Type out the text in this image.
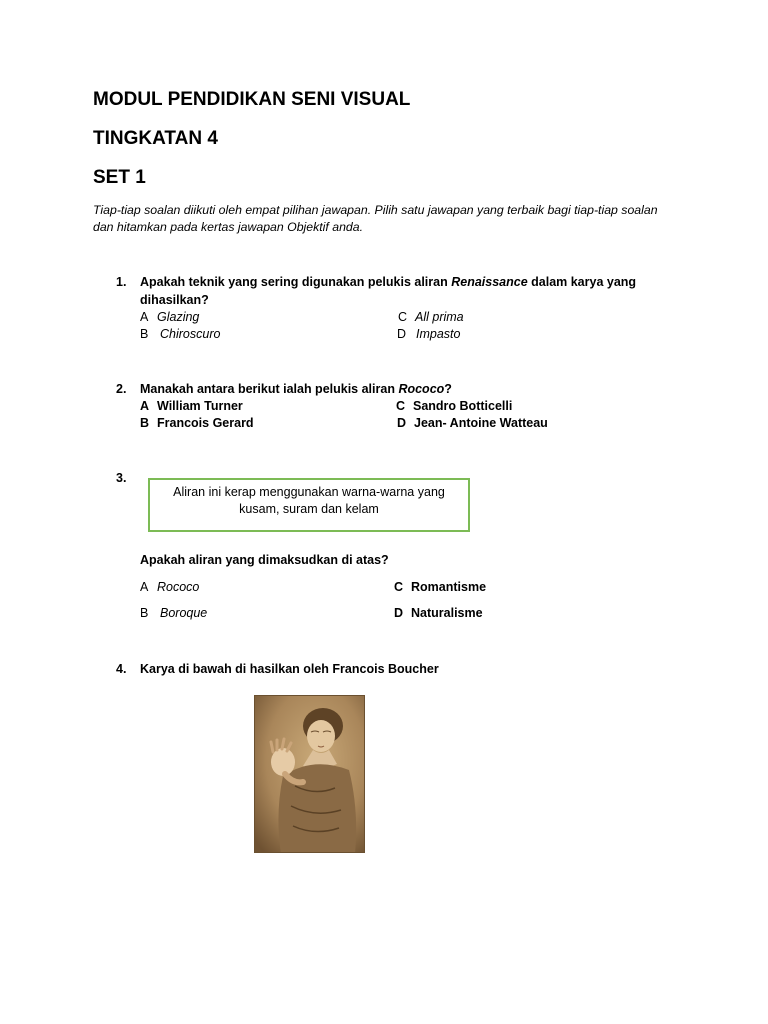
MODUL PENDIDIKAN SENI VISUAL
TINGKATAN 4
SET 1
Tiap-tiap soalan diikuti oleh empat pilihan jawapan. Pilih satu jawapan yang terbaik bagi tiap-tiap soalan dan hitamkan pada kertas jawapan Objektif anda.
1. Apakah teknik yang sering digunakan pelukis aliran Renaissance dalam karya yang
dihasilkan?
A Glazing
B Chiroscuro
C All prima
D Impasto
2. Manakah antara berikut ialah pelukis aliran Rococo?
A William Turner
B Francois Gerard
C Sandro Botticelli
D Jean- Antoine Watteau
3.
Aliran ini kerap menggunakan warna-warna yang
kusam, suram dan kelam
Apakah aliran yang dimaksudkan di atas?
A Rococo
B Boroque
C Romantisme
D Naturalisme
4. Karya di bawah di hasilkan oleh Francois Boucher
